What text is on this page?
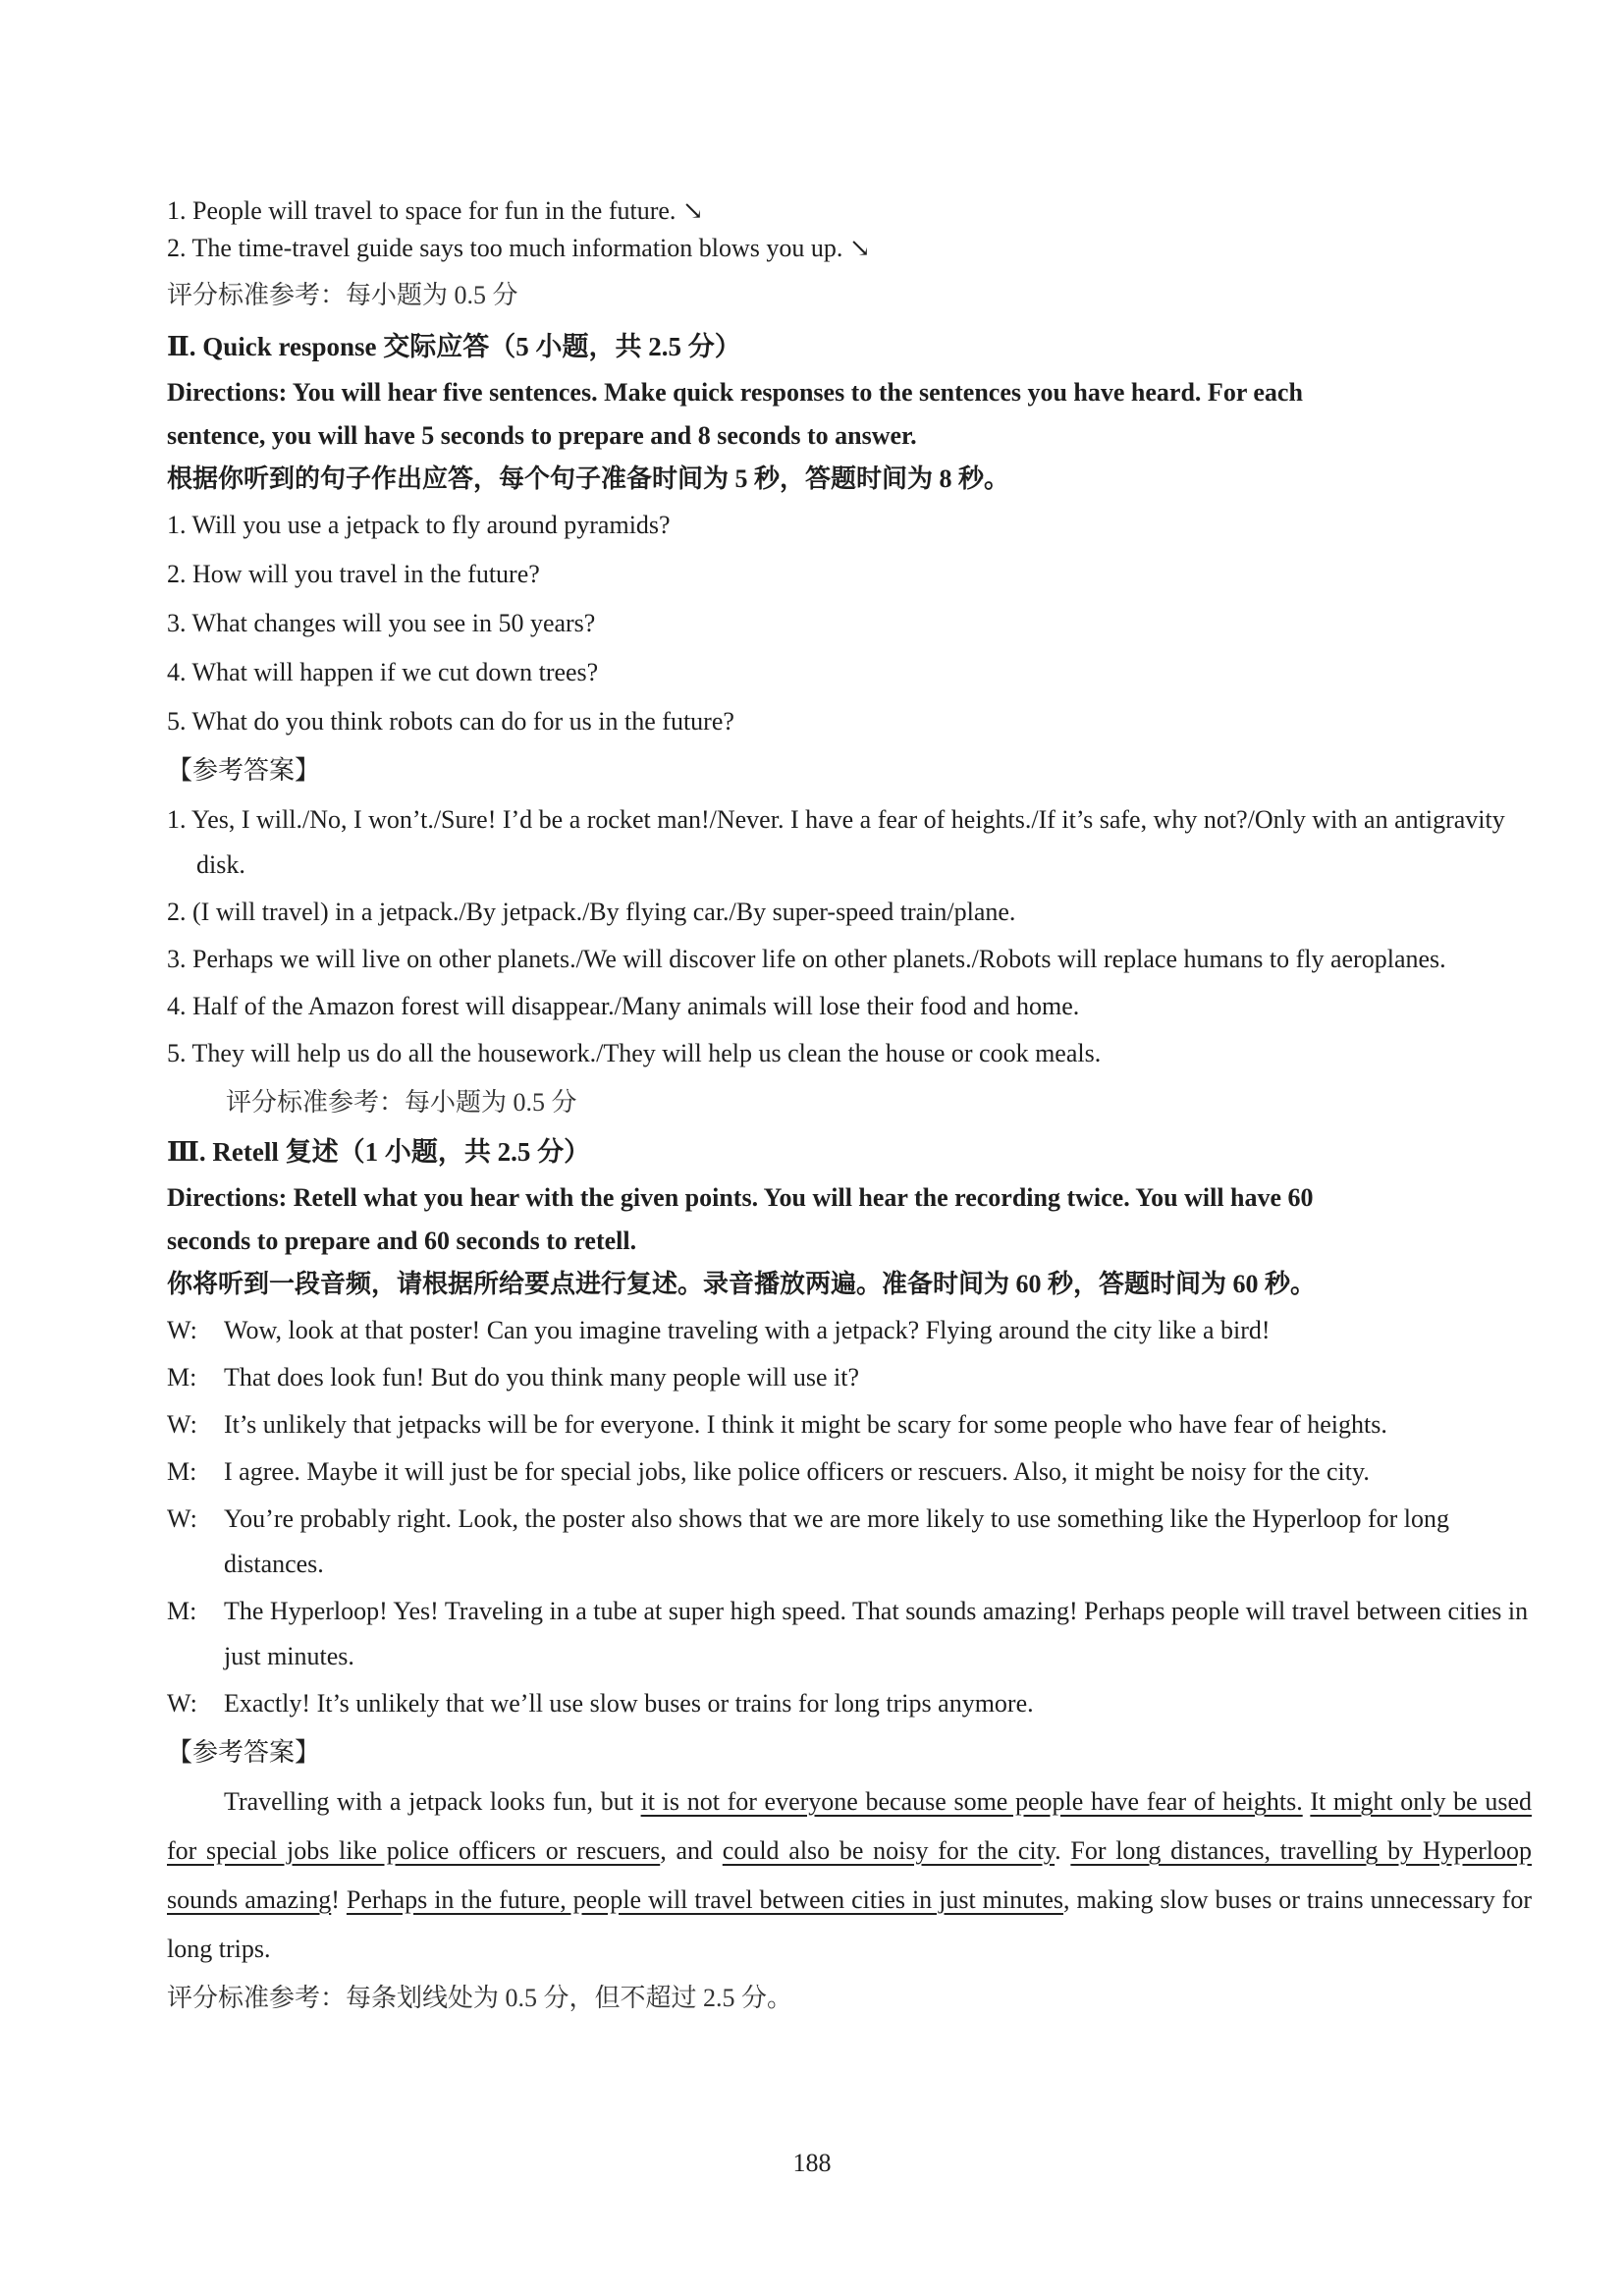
1. People will travel to space for fun in the future. ↘
2. The time-travel guide says too much information blows you up. ↘
评分标准参考：每小题为 0.5 分
Ⅱ. Quick response 交际应答（5 小题，共 2.5 分）
Directions: You will hear five sentences. Make quick responses to the sentences you have heard. For each
sentence, you will have 5 seconds to prepare and 8 seconds to answer.
根据你听到的句子作出应答，每个句子准备时间为 5 秒，答题时间为 8 秒。
1. Will you use a jetpack to fly around pyramids?
2. How will you travel in the future?
3. What changes will you see in 50 years?
4. What will happen if we cut down trees?
5. What do you think robots can do for us in the future?
【参考答案】
1. Yes, I will./No, I won’t./Sure! I’d be a rocket man!/Never. I have a fear of heights./If it’s safe, why not?/Only with an antigravity disk.
2. (I will travel) in a jetpack./By jetpack./By flying car./By super-speed train/plane.
3. Perhaps we will live on other planets./We will discover life on other planets./Robots will replace humans to fly aeroplanes.
4. Half of the Amazon forest will disappear./Many animals will lose their food and home.
5. They will help us do all the housework./They will help us clean the house or cook meals.
评分标准参考：每小题为 0.5 分
Ⅲ. Retell 复述（1 小题，共 2.5 分）
Directions: Retell what you hear with the given points. You will hear the recording twice. You will have 60
seconds to prepare and 60 seconds to retell.
你将听到一段音频，请根据所给要点进行复述。录音播放两遍。准备时间为 60 秒，答题时间为 60 秒。
W:	Wow, look at that poster! Can you imagine traveling with a jetpack? Flying around the city like a bird!
M:	That does look fun! But do you think many people will use it?
W:	It’s unlikely that jetpacks will be for everyone. I think it might be scary for some people who have fear of heights.
M:	I agree. Maybe it will just be for special jobs, like police officers or rescuers. Also, it might be noisy for the city.
W:	You’re probably right. Look, the poster also shows that we are more likely to use something like the Hyperloop for long distances.
M:	The Hyperloop! Yes! Traveling in a tube at super high speed. That sounds amazing! Perhaps people will travel between cities in just minutes.
W:	Exactly! It’s unlikely that we’ll use slow buses or trains for long trips anymore.
【参考答案】
Travelling with a jetpack looks fun, but it is not for everyone because some people have fear of heights. It might only be used for special jobs like police officers or rescuers, and could also be noisy for the city. For long distances, travelling by Hyperloop sounds amazing! Perhaps in the future, people will travel between cities in just minutes, making slow buses or trains unnecessary for long trips.
评分标准参考：每条划线处为 0.5 分，但不超过 2.5 分。
188
